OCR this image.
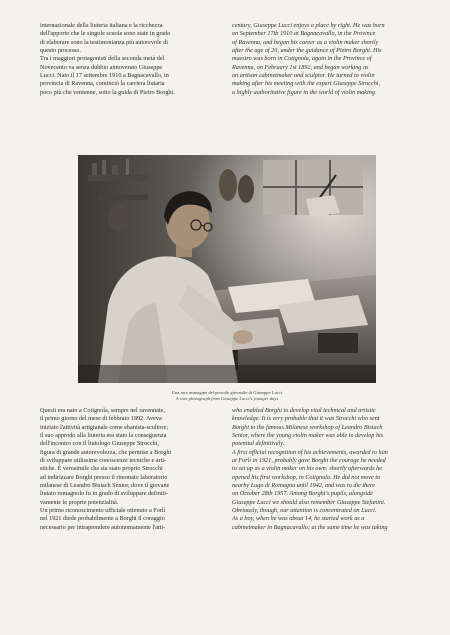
internazionale della liuteria italiana e la ricchezza

dell'apporto che le singole scuole sono state in grado

di elaborare sono la testimonianza più autorevole di

questo processo.

Tra i maggiori protagonisti della seconda metà del

Novecento va senza dubbio annoverato Giuseppe

Lucci. Nato il 17 settembre 1910 a Bagnacavallo, in

provincia di Ravenna, cominciò la carriera liutaria

poco più che ventenne, sotto la guida di Pietro Borghi.

century, Giuseppe Lucci enjoys a place by right. He was born

on September 17th 1910 at Bagnacavallo, in the Province

of Ravenna, and began his career as a violin maker shortly

after the age of 20, under the guidance of Pietro Borghi. His

maestro was born in Cotignola, again in the Province of

Ravenna, on February 1st 1892, and began working as

an artisan cabinetmaker and sculptor. He turned to violin

making after his meeting with the expert Giuseppe Strocchi,

a highly authoritative figure in the world of violin making

Una rara immagine del periodo giovanile di Giuseppe Lucci
A rare photograph from Giuseppe Lucci's younger days

Questi era nato a Cotignola, sempre nel ravennate,

il primo giorno del mese di febbraio 1892. Aveva

iniziato l'attività artigianale come ebanista-scultore;

il suo approdo alla liuteria era stato la conseguenza

dell'incontro con il liutologo Giuseppe Strocchi,

figura di grande autorevolezza, che permise a Borghi

di sviluppare utilissime conoscenze tecniche e arti-

stiche. È verosimile che sia stato proprio Strocchi

ad indirizzare Borghi presso il rinomato laboratorio

milanese di Leandro Bisiach Senior, dove il giovane

liutaio romagnolo fu in grado di sviluppare definiti-

vamente le proprie potenzialità.

Un primo riconoscimento ufficiale ottenuto a Forlì

nel 1921 diede probabilmente a Borghi il coraggio

necessario per intraprendere autonomamente l'atti-

who enabled Borghi to develop vital technical and artistic

knowledge. It is very probable that it was Strocchi who sent

Borghi to the famous Milanese workshop of Leandro Bisiach

Senior, where the young violin maker was able to develop his

potential definitively.

A first official recognition of his achievements, awarded to him

at Forlì in 1921, probably gave Borghi the courage he needed

to set up as a violin maker on his own: shortly afterwards he

opened his first workshop, in Cotignola. He did not move to

nearby Lugo di Romagna until 1942, and was to die there

on October 28th 1957. Among Borghi's pupils, alongside

Giuseppe Lucci we should also remember Giuseppe Stefanini.

Obviously, though, our attention is concentrated on Lucci.

As a boy, when he was about 14, he started work as a

cabinetmaker in Bagnacavallo; at the same time he was taking
